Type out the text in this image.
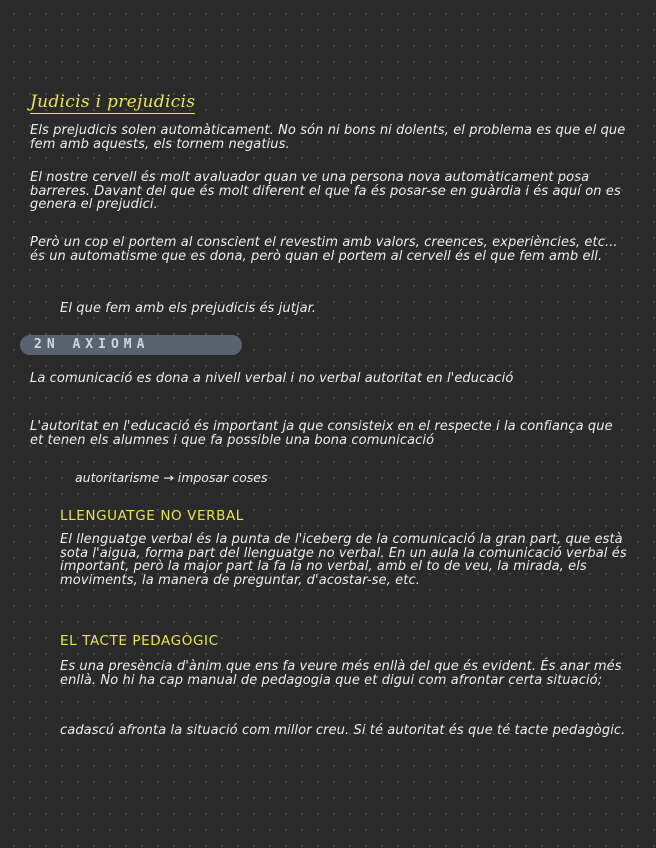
Judicis i prejudicis
Els prejudicis solen automàticament. No són ni bons ni dolents, el problema es que el que fem amb aquests, els tornem negatius.
El nostre cervell és molt avaluador quan ve una persona nova automàticament posa barreres. Davant del que és molt diferent el que fa és posar-se en guàrdia i és aquí on es genera el prejudici.
Però un cop el portem al conscient el revestim amb valors, creences, experiències, etc... és un automatisme que es dona, però quan el portem al cervell és el que fem amb ell.
El que fem amb els prejudicis és jutjar.
2N AXIOMA
La comunicació es dona a nivell verbal i no verbal autoritat en l'educació
L'autoritat en l'educació és important ja que consisteix en el respecte i la confiança que et tenen els alumnes i que fa possible una bona comunicació
autoritarisme → imposar coses
LLENGUATGE NO VERBAL
El llenguatge verbal és la punta de l'iceberg de la comunicació la gran part, que està sota l'aigua, forma part del llenguatge no verbal. En un aula la comunicació verbal és important, però la major part la fa la no verbal, amb el to de veu, la mirada, els moviments, la manera de preguntar, d'acostar-se, etc.
EL TACTE PEDAGÒGIC
Es una presència d'ànim que ens fa veure més enllà del que és evident. És anar més enllà. No hi ha cap manual de pedagogia que et digui com afrontar certa situació;
cadascú afronta la situació com millor creu. Si té autoritat és que té tacte pedagògic.
